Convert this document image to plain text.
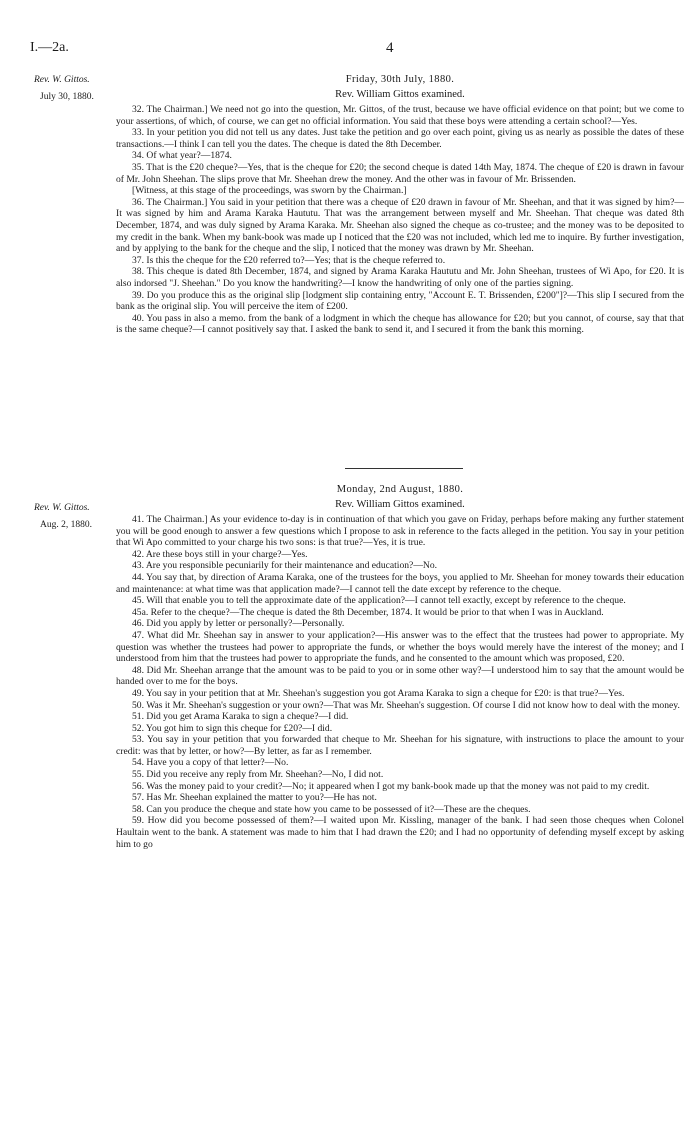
I.—2a.	4
Rev. W. Gittos.
July 30, 1880.
Friday, 30th July, 1880.
Rev. William Gittos examined.

32. The Chairman.] We need not go into the question, Mr. Gittos, of the trust, because we have official evidence on that point; but we come to your assertions, of which, of course, we can get no official information. You said that these boys were attending a certain school?—Yes.

33. In your petition you did not tell us any dates. Just take the petition and go over each point, giving us as nearly as possible the dates of these transactions.—I think I can tell you the dates. The cheque is dated the 8th December.

34. Of what year?—1874.

35. That is the £20 cheque?—Yes, that is the cheque for £20; the second cheque is dated 14th May, 1874. The cheque of £20 is drawn in favour of Mr. John Sheehan. The slips prove that Mr. Sheehan drew the money. And the other was in favour of Mr. Brissenden.

[Witness, at this stage of the proceedings, was sworn by the Chairman.]

36. The Chairman.] You said in your petition that there was a cheque of £20 drawn in favour of Mr. Sheehan, and that it was signed by him?—It was signed by him and Arama Karaka Haututu. That was the arrangement between myself and Mr. Sheehan. That cheque was dated 8th December, 1874, and was duly signed by Arama Karaka. Mr. Sheehan also signed the cheque as co-trustee; and the money was to be deposited to my credit in the bank. When my bank-book was made up I noticed that the £20 was not included, which led me to inquire. By further investigation, and by applying to the bank for the cheque and the slip, I noticed that the money was drawn by Mr. Sheehan.

37. Is this the cheque for the £20 referred to?—Yes; that is the cheque referred to.

38. This cheque is dated 8th December, 1874, and signed by Arama Karaka Haututu and Mr. John Sheehan, trustees of Wi Apo, for £20. It is also indorsed "J. Sheehan." Do you know the handwriting?—I know the handwriting of only one of the parties signing.

39. Do you produce this as the original slip [lodgment slip containing entry, "Account E. T. Brissenden, £200"]?—This slip I secured from the bank as the original slip. You will perceive the item of £200.

40. You pass in also a memo. from the bank of a lodgment in which the cheque has allowance for £20; but you cannot, of course, say that that is the same cheque?—I cannot positively say that. I asked the bank to send it, and I secured it from the bank this morning.

Rev. W. Gittos.
Aug. 2, 1880.
Monday, 2nd August, 1880.
Rev. William Gittos examined.

41. The Chairman.] As your evidence to-day is in continuation of that which you gave on Friday, perhaps before making any further statement you will be good enough to answer a few questions which I propose to ask in reference to the facts alleged in the petition. You say in your petition that Wi Apo committed to your charge his two sons: is that true?—Yes, it is true.

42. Are these boys still in your charge?—Yes.

43. Are you responsible pecuniarily for their maintenance and education?—No.

44. You say that, by direction of Arama Karaka, one of the trustees for the boys, you applied to Mr. Sheehan for money towards their education and maintenance: at what time was that application made?—I cannot tell the date except by reference to the cheque.

45. Will that enable you to tell the approximate date of the application?—I cannot tell exactly, except by reference to the cheque.

45a. Refer to the cheque?—The cheque is dated the 8th December, 1874. It would be prior to that when I was in Auckland.

46. Did you apply by letter or personally?—Personally.

47. What did Mr. Sheehan say in answer to your application?—His answer was to the effect that the trustees had power to appropriate. My question was whether the trustees had power to appropriate the funds, or whether the boys would merely have the interest of the money; and I understood from him that the trustees had power to appropriate the funds, and he consented to the amount which was proposed, £20.

48. Did Mr. Sheehan arrange that the amount was to be paid to you or in some other way?—I understood him to say that the amount would be handed over to me for the boys.

49. You say in your petition that at Mr. Sheehan's suggestion you got Arama Karaka to sign a cheque for £20: is that true?—Yes.

50. Was it Mr. Sheehan's suggestion or your own?—That was Mr. Sheehan's suggestion. Of course I did not know how to deal with the money.

51. Did you get Arama Karaka to sign a cheque?—I did.

52. You got him to sign this cheque for £20?—I did.

53. You say in your petition that you forwarded that cheque to Mr. Sheehan for his signature, with instructions to place the amount to your credit: was that by letter, or how?—By letter, as far as I remember.

54. Have you a copy of that letter?—No.

55. Did you receive any reply from Mr. Sheehan?—No, I did not.

56. Was the money paid to your credit?—No; it appeared when I got my bank-book made up that the money was not paid to my credit.

57. Has Mr. Sheehan explained the matter to you?—He has not.

58. Can you produce the cheque and state how you came to be possessed of it?—These are the cheques.

59. How did you become possessed of them?—I waited upon Mr. Kissling, manager of the bank. I had seen those cheques when Colonel Haultain went to the bank. A statement was made to him that I had drawn the £20; and I had no opportunity of defending myself except by asking him to go
